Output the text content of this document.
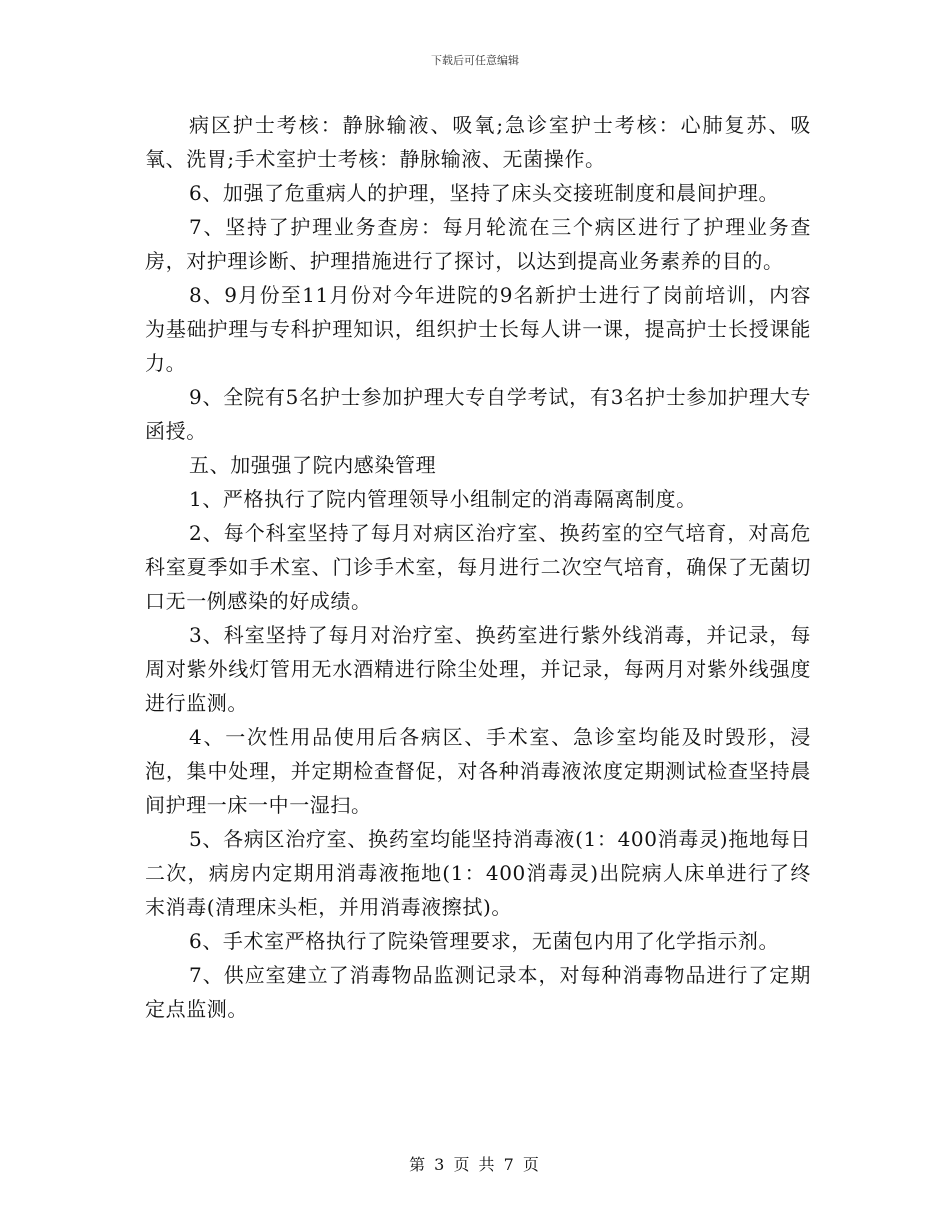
下载后可任意编辑

病区护士考核：静脉输液、吸氧;急诊室护士考核：心肺复苏、吸氧、洗胃;手术室护士考核：静脉输液、无菌操作。

6、加强了危重病人的护理，坚持了床头交接班制度和晨间护理。

7、坚持了护理业务查房：每月轮流在三个病区进行了护理业务查房，对护理诊断、护理措施进行了探讨，以达到提高业务素养的目的。

8、9月份至11月份对今年进院的9名新护士进行了岗前培训，内容为基础护理与专科护理知识，组织护士长每人讲一课，提高护士长授课能力。

9、全院有5名护士参加护理大专自学考试，有3名护士参加护理大专函授。

五、加强强了院内感染管理

1、严格执行了院内管理领导小组制定的消毒隔离制度。

2、每个科室坚持了每月对病区治疗室、换药室的空气培育，对高危科室夏季如手术室、门诊手术室，每月进行二次空气培育，确保了无菌切口无一例感染的好成绩。

3、科室坚持了每月对治疗室、换药室进行紫外线消毒，并记录，每周对紫外线灯管用无水酒精进行除尘处理，并记录，每两月对紫外线强度进行监测。

4、一次性用品使用后各病区、手术室、急诊室均能及时毁形，浸泡，集中处理，并定期检查督促，对各种消毒液浓度定期测试检查坚持晨间护理一床一中一湿扫。

5、各病区治疗室、换药室均能坚持消毒液(1：400消毒灵)拖地每日二次，病房内定期用消毒液拖地(1：400消毒灵)出院病人床单进行了终末消毒(清理床头柜，并用消毒液擦拭)。

6、手术室严格执行了院染管理要求，无菌包内用了化学指示剂。

7、供应室建立了消毒物品监测记录本，对每种消毒物品进行了定期定点监测。

第 3 页 共 7 页
